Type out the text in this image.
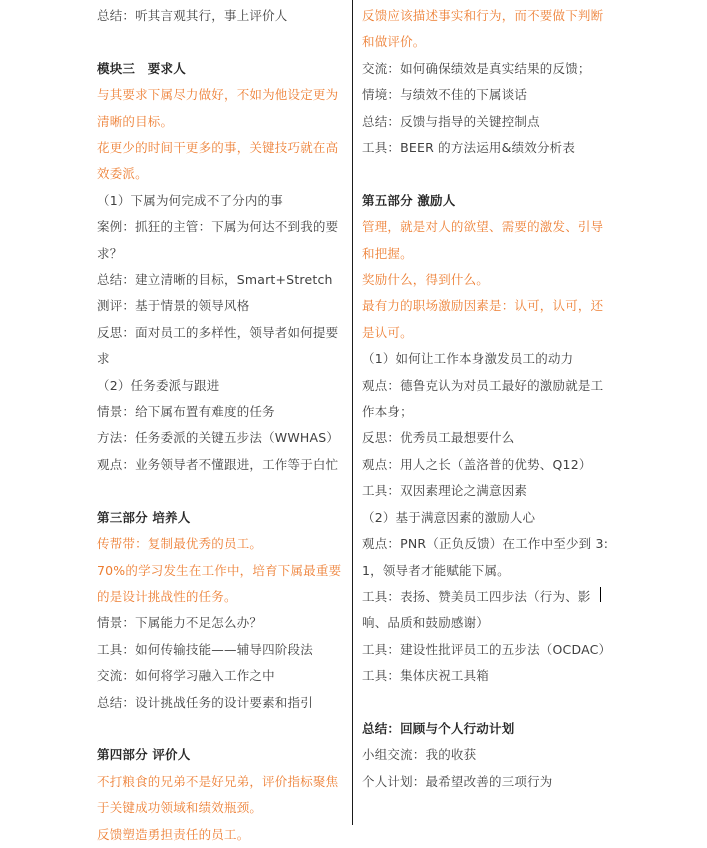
总结：听其言观其行，事上评价人

模块三　要求人

与其要求下属尽力做好，不如为他设定更为清晰的目标。

花更少的时间干更多的事，关键技巧就在高效委派。

（1）下属为何完成不了分内的事

案例：抓狂的主管：下属为何达不到我的要求？

总结：建立清晰的目标，Smart+Stretch

测评：基于情景的领导风格

反思：面对员工的多样性，领导者如何提要求

（2）任务委派与跟进

情景：给下属布置有难度的任务

方法：任务委派的关键五步法（WWHAS）

观点：业务领导者不懂跟进，工作等于白忙

第三部分 培养人

传帮带：复制最优秀的员工。

70%的学习发生在工作中，培育下属最重要的是设计挑战性的任务。

情景：下属能力不足怎么办？

工具：如何传输技能——辅导四阶段法

交流：如何将学习融入工作之中

总结：设计挑战任务的设计要素和指引

第四部分 评价人

不打粮食的兄弟不是好兄弟，评价指标聚焦于关键成功领域和绩效瓶颈。

反馈塑造勇担责任的员工。

反馈应该描述事实和行为，而不要做下判断和做评价。

交流：如何确保绩效是真实结果的反馈；

情境：与绩效不佳的下属谈话

总结：反馈与指导的关键控制点

工具：BEER 的方法运用&绩效分析表

第五部分 激励人

管理，就是对人的欲望、需要的激发、引导和把握。

奖励什么，得到什么。

最有力的职场激励因素是：认可，认可，还是认可。

（1）如何让工作本身激发员工的动力

观点：德鲁克认为对员工最好的激励就是工作本身；

反思：优秀员工最想要什么

观点：用人之长（盖洛普的优势、Q12）

工具：双因素理论之满意因素

（2）基于满意因素的激励人心

观点：PNR（正负反馈）在工作中至少到 3:1，领导者才能赋能下属。

工具：表扬、赞美员工四步法（行为、影响、品质和鼓励感谢）

工具：建设性批评员工的五步法（OCDAC）

工具：集体庆祝工具箱

总结：回顾与个人行动计划

小组交流：我的收获

个人计划：最希望改善的三项行为
